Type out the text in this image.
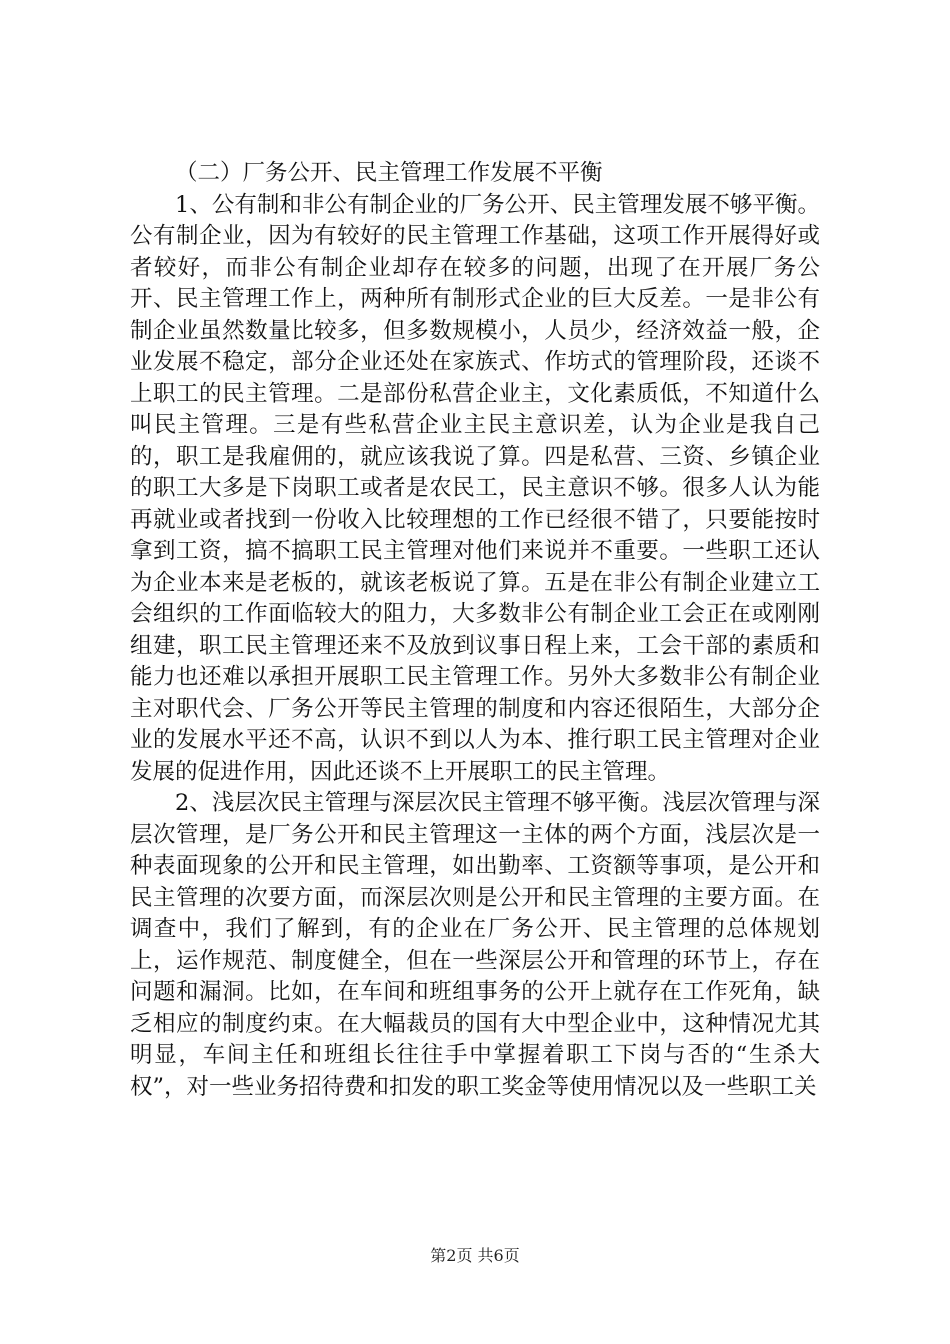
（二）厂务公开、民主管理工作发展不平衡

1、公有制和非公有制企业的厂务公开、民主管理发展不够平衡。公有制企业，因为有较好的民主管理工作基础，这项工作开展得好或者较好，而非公有制企业却存在较多的问题，出现了在开展厂务公开、民主管理工作上，两种所有制形式企业的巨大反差。一是非公有制企业虽然数量比较多，但多数规模小，人员少，经济效益一般，企业发展不稳定，部分企业还处在家族式、作坊式的管理阶段，还谈不上职工的民主管理。二是部份私营企业主，文化素质低，不知道什么叫民主管理。三是有些私营企业主民主意识差，认为企业是我自己的，职工是我雇佣的，就应该我说了算。四是私营、三资、乡镇企业的职工大多是下岗职工或者是农民工，民主意识不够。很多人认为能再就业或者找到一份收入比较理想的工作已经很不错了，只要能按时拿到工资，搞不搞职工民主管理对他们来说并不重要。一些职工还认为企业本来是老板的，就该老板说了算。五是在非公有制企业建立工会组织的工作面临较大的阻力，大多数非公有制企业工会正在或刚刚组建，职工民主管理还来不及放到议事日程上来，工会干部的素质和能力也还难以承担开展职工民主管理工作。另外大多数非公有制企业主对职代会、厂务公开等民主管理的制度和内容还很陌生，大部分企业的发展水平还不高，认识不到以人为本、推行职工民主管理对企业发展的促进作用，因此还谈不上开展职工的民主管理。

2、浅层次民主管理与深层次民主管理不够平衡。浅层次管理与深层次管理，是厂务公开和民主管理这一主体的两个方面，浅层次是一种表面现象的公开和民主管理，如出勤率、工资额等事项，是公开和民主管理的次要方面，而深层次则是公开和民主管理的主要方面。在调查中，我们了解到，有的企业在厂务公开、民主管理的总体规划上，运作规范、制度健全，但在一些深层公开和管理的环节上，存在问题和漏洞。比如，在车间和班组事务的公开上就存在工作死角，缺乏相应的制度约束。在大幅裁员的国有大中型企业中，这种情况尤其明显，车间主任和班组长往往手中掌握着职工下岗与否的“生杀大权”，对一些业务招待费和扣发的职工奖金等使用情况以及一些职工关

第2页 共6页
